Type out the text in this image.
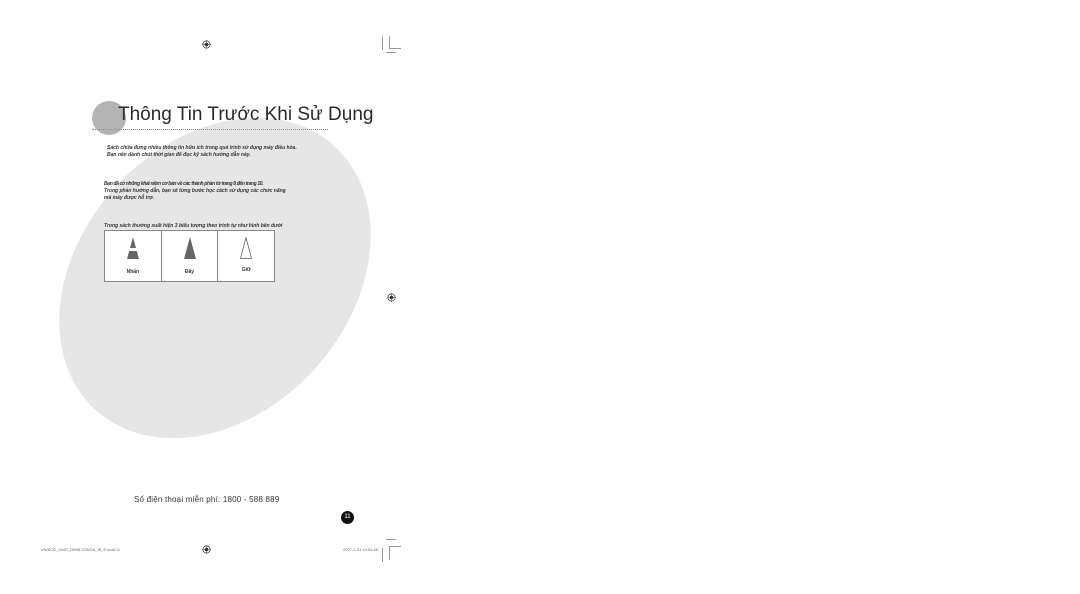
Thông Tin Trước Khi Sử Dụng
Sách chứa đựng nhiều thông tin hữu ích trong quá trình sử dụng máy điều hòa.
Bạn nên dành chút thời gian để đọc kỹ sách hướng dẫn này.
Bạn đã có những khái niệm cơ bản về các thành phần từ trang 8 đến trang 10.
Trong phần hướng dẫn, bạn sẽ từng bước học cách sử dụng các chức năng
mà máy được hỗ trợ.
Trong sách thường xuất hiện 3 biểu tượng theo trình tự như hình bên dưới
Nhấn	Đẩy	Giữ
Số điện thoại miễn phí: 1800 - 588 889
11
VN/KOD_UMG_DB98-27002A_IB_E.indd 11	2007-1-31 10:53:45
